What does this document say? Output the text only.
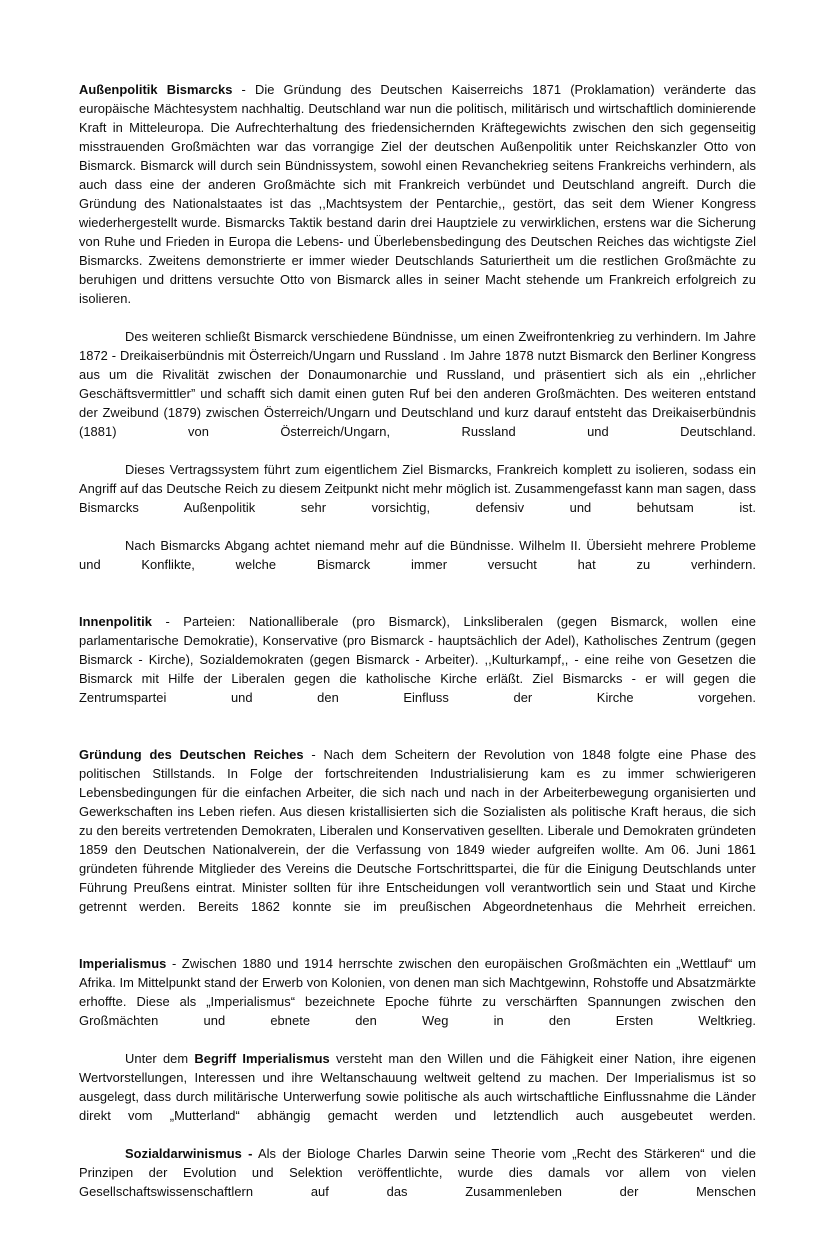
Außenpolitik Bismarcks - Die Gründung des Deutschen Kaiserreichs 1871 (Proklamation) veränderte das europäische Mächtesystem nachhaltig. Deutschland war nun die politisch, militärisch und wirtschaftlich dominierende Kraft in Mitteleuropa. Die Aufrechterhaltung des friedensichernden Kräftegewichts zwischen den sich gegenseitig misstrauenden Großmächten war das vorrangige Ziel der deutschen Außenpolitik unter Reichskanzler Otto von Bismarck. Bismarck will durch sein Bündnissystem, sowohl einen Revanchekrieg seitens Frankreichs verhindern, als auch dass eine der anderen Großmächte sich mit Frankreich verbündet und Deutschland angreift. Durch die Gründung des Nationalstaates ist das ,,Machtsystem der Pentarchie,, gestört, das seit dem Wiener Kongress wiederhergestellt wurde. Bismarcks Taktik bestand darin drei Hauptziele zu verwirklichen, erstens war die Sicherung von Ruhe und Frieden in Europa die Lebens- und Überlebensbedingung des Deutschen Reiches das wichtigste Ziel Bismarcks. Zweitens demonstrierte er immer wieder Deutschlands Saturiertheit um die restlichen Großmächte zu beruhigen und drittens versuchte Otto von Bismarck alles in seiner Macht stehende um Frankreich erfolgreich zu isolieren.

Des weiteren schließt Bismarck verschiedene Bündnisse, um einen Zweifrontenkrieg zu verhindern. Im Jahre 1872 - Dreikaiserbündnis mit Österreich/Ungarn und Russland . Im Jahre 1878 nutzt Bismarck den Berliner Kongress aus um die Rivalität zwischen der Donaumonarchie und Russland, und präsentiert sich als ein ,,ehrlicher Geschäftsvermittler” und schafft sich damit einen guten Ruf bei den anderen Großmächten. Des weiteren entstand der Zweibund (1879) zwischen Österreich/Ungarn und Deutschland und kurz darauf entsteht das Dreikaiserbündnis (1881) von Österreich/Ungarn, Russland und Deutschland.

Dieses Vertragssystem führt zum eigentlichem Ziel Bismarcks, Frankreich komplett zu isolieren, sodass ein Angriff auf das Deutsche Reich zu diesem Zeitpunkt nicht mehr möglich ist. Zusammengefasst kann man sagen, dass Bismarcks Außenpolitik sehr vorsichtig, defensiv und behutsam ist.

Nach Bismarcks Abgang achtet niemand mehr auf die Bündnisse. Wilhelm II. Übersieht mehrere Probleme und Konflikte, welche Bismarck immer versucht hat zu verhindern.

Innenpolitik - Parteien: Nationalliberale (pro Bismarck), Linksliberalen (gegen Bismarck, wollen eine parlamentarische Demokratie), Konservative (pro Bismarck - hauptsächlich der Adel), Katholisches Zentrum (gegen Bismarck - Kirche), Sozialdemokraten (gegen Bismarck - Arbeiter). ,,Kulturkampf,, - eine reihe von Gesetzen die Bismarck mit Hilfe der Liberalen gegen die katholische Kirche erläßt. Ziel Bismarcks - er will gegen die Zentrumspartei und den Einfluss der Kirche vorgehen.

Gründung des Deutschen Reiches - Nach dem Scheitern der Revolution von 1848 folgte eine Phase des politischen Stillstands. In Folge der fortschreitenden Industrialisierung kam es zu immer schwierigeren Lebensbedingungen für die einfachen Arbeiter, die sich nach und nach in der Arbeiterbewegung organisierten und Gewerkschaften ins Leben riefen. Aus diesen kristallisierten sich die Sozialisten als politische Kraft heraus, die sich zu den bereits vertretenden Demokraten, Liberalen und Konservativen gesellten. Liberale und Demokraten gründeten 1859 den Deutschen Nationalverein, der die Verfassung von 1849 wieder aufgreifen wollte. Am 06. Juni 1861 gründeten führende Mitglieder des Vereins die Deutsche Fortschrittspartei, die für die Einigung Deutschlands unter Führung Preußens eintrat. Minister sollten für ihre Entscheidungen voll verantwortlich sein und Staat und Kirche getrennt werden. Bereits 1862 konnte sie im preußischen Abgeordnetenhaus die Mehrheit erreichen.

Imperialismus - Zwischen 1880 und 1914 herrschte zwischen den europäischen Großmächten ein „Wettlauf“ um Afrika. Im Mittelpunkt stand der Erwerb von Kolonien, von denen man sich Machtgewinn, Rohstoffe und Absatzmärkte erhoffte. Diese als „Imperialismus“ bezeichnete Epoche führte zu verschärften Spannungen zwischen den Großmächten und ebnete den Weg in den Ersten Weltkrieg.

Unter dem Begriff Imperialismus versteht man den Willen und die Fähigkeit einer Nation, ihre eigenen Wertvorstellungen, Interessen und ihre Weltanschauung weltweit geltend zu machen. Der Imperialismus ist so ausgelegt, dass durch militärische Unterwerfung sowie politische als auch wirtschaftliche Einflussnahme die Länder direkt vom „Mutterland“ abhängig gemacht werden und letztendlich auch ausgebeutet werden.

Sozialdarwinismus - Als der Biologe Charles Darwin seine Theorie vom „Recht des Stärkeren“ und die Prinzipen der Evolution und Selektion veröffentlichte, wurde dies damals vor allem von vielen Gesellschaftswissenschaftlern auf das Zusammenleben der Menschen
